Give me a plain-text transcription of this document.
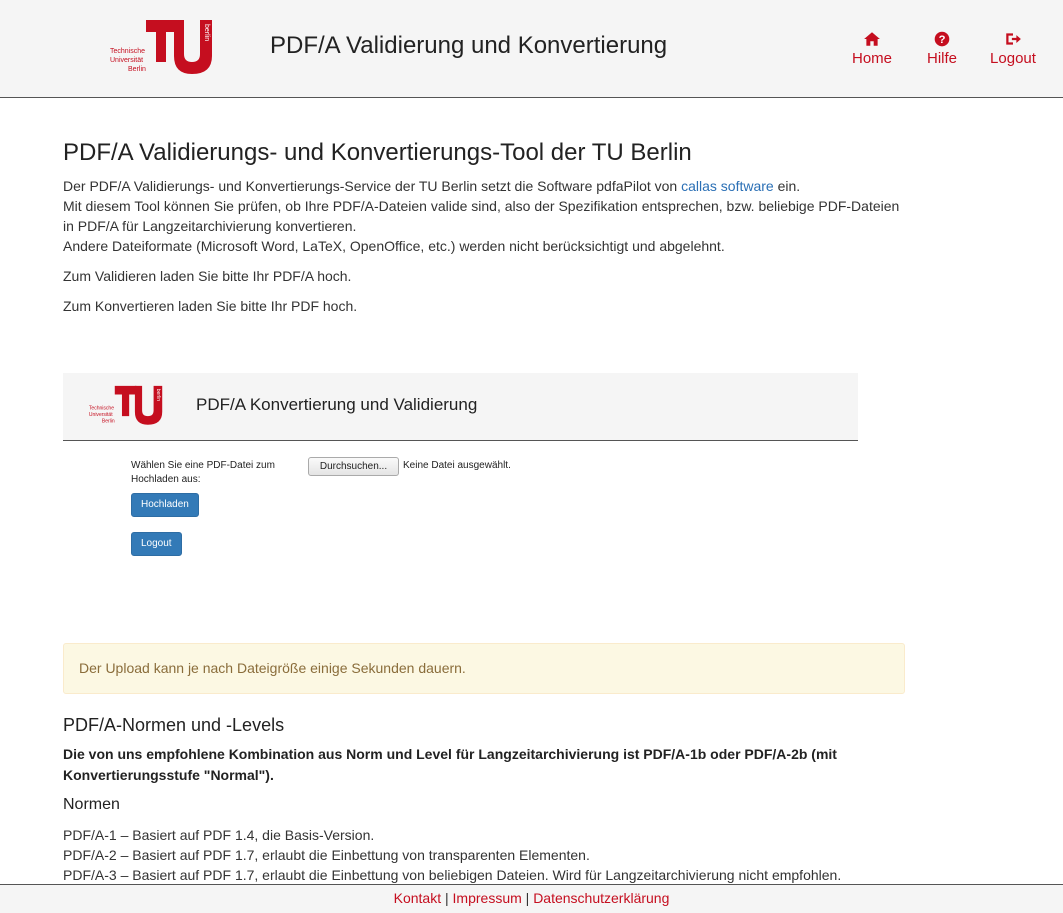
Technische
Universität
Berlin
berlin	PDF/A Validierung und Konvertierung	Home
?
Hilfe	Logout
PDF/A Validierungs- und Konvertierungs-Tool der TU Berlin
Der PDF/A Validierungs- und Konvertierungs-Service der TU Berlin setzt die Software pdfaPilot von callas software ein.
Mit diesem Tool können Sie prüfen, ob Ihre PDF/A-Dateien valide sind, also der Spezifikation entsprechen, bzw. beliebige PDF-Dateien in PDF/A für Langzeitarchivierung konvertieren.
Andere Dateiformate (Microsoft Word, LaTeX, OpenOffice, etc.) werden nicht berücksichtigt und abgelehnt.

Zum Validieren laden Sie bitte Ihr PDF/A hoch.

Zum Konvertieren laden Sie bitte Ihr PDF hoch.

Technische
Universität
Berlin
berlin
PDF/A Konvertierung und Validierung
Wählen Sie eine PDF-Datei zum Hochladen aus:
Durchsuchen...	Keine Datei ausgewählt.
Hochladen
Logout
Der Upload kann je nach Dateigröße einige Sekunden dauern.
PDF/A-Normen und -Levels

Die von uns empfohlene Kombination aus Norm und Level für Langzeitarchivierung ist PDF/A-1b oder PDF/A-2b (mit Konvertierungsstufe "Normal").

Normen
PDF/A-1 – Basiert auf PDF 1.4, die Basis-Version.
PDF/A-2 – Basiert auf PDF 1.7, erlaubt die Einbettung von transparenten Elementen.
PDF/A-3 – Basiert auf PDF 1.7, erlaubt die Einbettung von beliebigen Dateien. Wird für Langzeitarchivierung nicht empfohlen.
Kontakt | Impressum | Datenschutzerklärung
